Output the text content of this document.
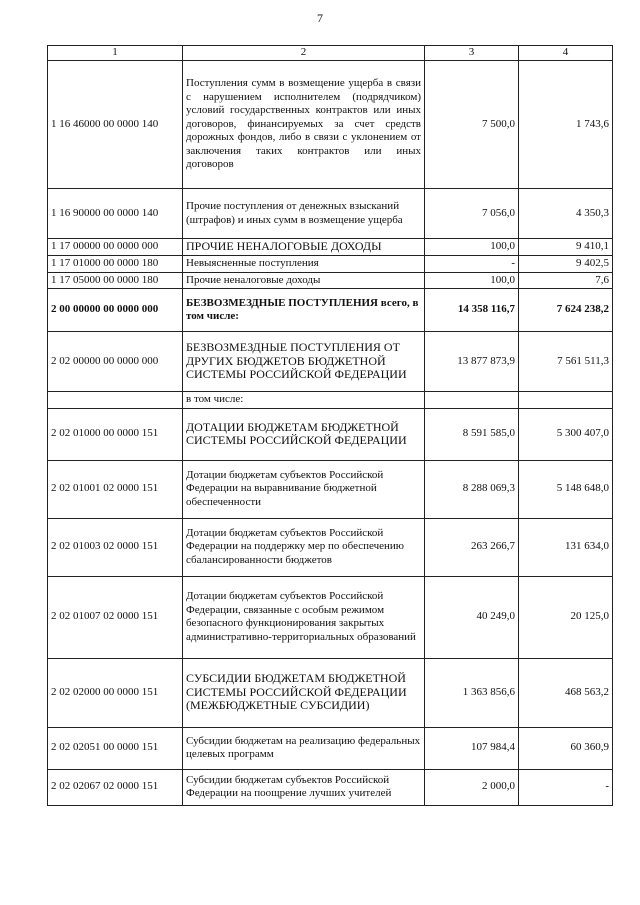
7
1	2	3	4
1 16 46000 00 0000 140	Поступления сумм в возмещение ущерба в связи с нарушением исполнителем (подрядчиком) условий государственных контрактов или иных договоров, финансируемых за счет средств дорожных фондов, либо в связи с уклонением от заключения таких контрактов или иных договоров	7 500,0	1 743,6
1 16 90000 00 0000 140	Прочие поступления от денежных взысканий (штрафов) и иных сумм в возмещение ущерба	7 056,0	4 350,3
1 17 00000 00 0000 000	ПРОЧИЕ НЕНАЛОГОВЫЕ ДОХОДЫ	100,0	9 410,1
1 17 01000 00 0000 180	Невыясненные поступления	-	9 402,5
1 17 05000 00 0000 180	Прочие неналоговые доходы	100,0	7,6
2 00 00000 00 0000 000	БЕЗВОЗМЕЗДНЫЕ ПОСТУПЛЕНИЯ всего, в том числе:	14 358 116,7	7 624 238,2
2 02 00000 00 0000 000	БЕЗВОЗМЕЗДНЫЕ ПОСТУПЛЕНИЯ ОТ ДРУГИХ БЮДЖЕТОВ БЮДЖЕТНОЙ СИСТЕМЫ РОССИЙСКОЙ ФЕДЕРАЦИИ	13 877 873,9	7 561 511,3
	в том числе:		
2 02 01000 00 0000 151	ДОТАЦИИ БЮДЖЕТАМ БЮДЖЕТНОЙ СИСТЕМЫ РОССИЙСКОЙ ФЕДЕРАЦИИ	8 591 585,0	5 300 407,0
2 02 01001 02 0000 151	Дотации бюджетам субъектов Российской Федерации на выравнивание бюджетной обеспеченности	8 288 069,3	5 148 648,0
2 02 01003 02 0000 151	Дотации бюджетам субъектов Российской Федерации на поддержку мер по обеспечению сбалансированности бюджетов	263 266,7	131 634,0
2 02 01007 02 0000 151	Дотации бюджетам субъектов Российской Федерации, связанные с особым режимом безопасного функционирования закрытых административно-территориальных образований	40 249,0	20 125,0
2 02 02000 00 0000 151	СУБСИДИИ БЮДЖЕТАМ БЮДЖЕТНОЙ СИСТЕМЫ РОССИЙСКОЙ ФЕДЕРАЦИИ (МЕЖБЮДЖЕТНЫЕ СУБСИДИИ)	1 363 856,6	468 563,2
2 02 02051 00 0000 151	Субсидии бюджетам на реализацию федеральных целевых программ	107 984,4	60 360,9
2 02 02067 02 0000 151	Субсидии бюджетам субъектов Российской Федерации на поощрение лучших учителей	2 000,0	-
